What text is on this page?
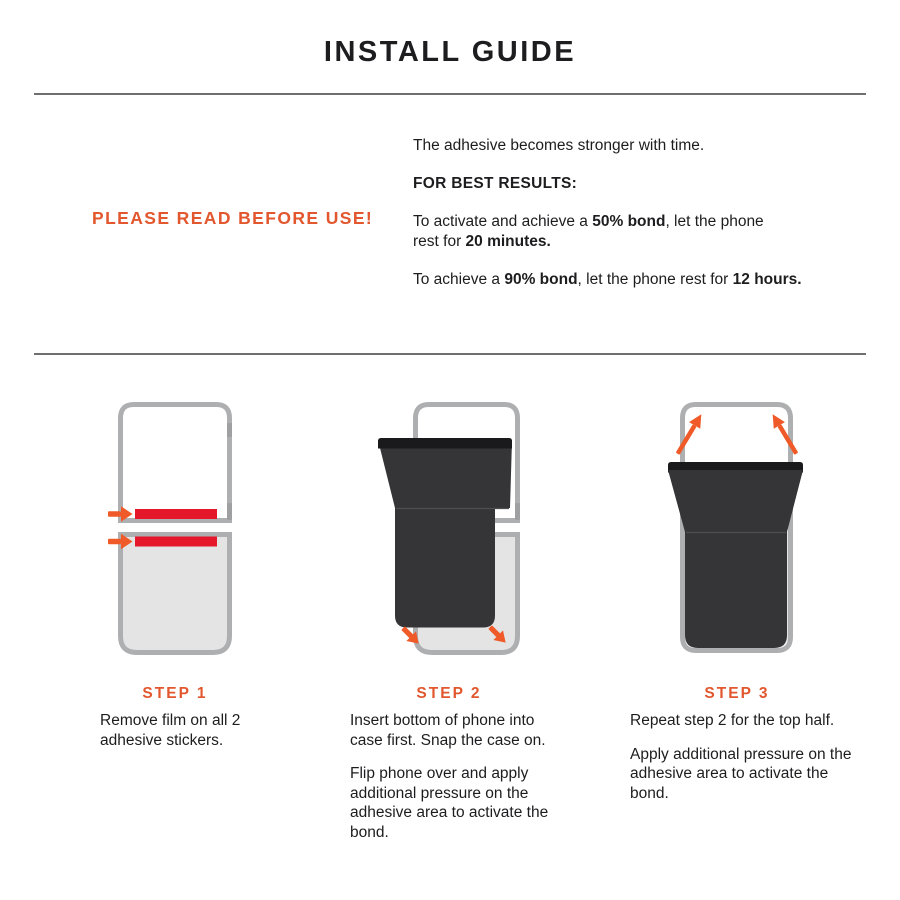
INSTALL GUIDE
PLEASE READ BEFORE USE!

The adhesive becomes stronger with time.

FOR BEST RESULTS:

To activate and achieve a 50% bond, let the phone
rest for 20 minutes.

To achieve a 90% bond, let the phone rest for 12 hours.

STEP 1	STEP 2	STEP 3

Remove film on all 2 adhesive stickers.

Insert bottom of phone into case first. Snap the case on.

Flip phone over and apply additional pressure on the adhesive area to activate the bond.

Repeat step 2 for the top half.

Apply additional pressure on the adhesive area to activate the bond.
